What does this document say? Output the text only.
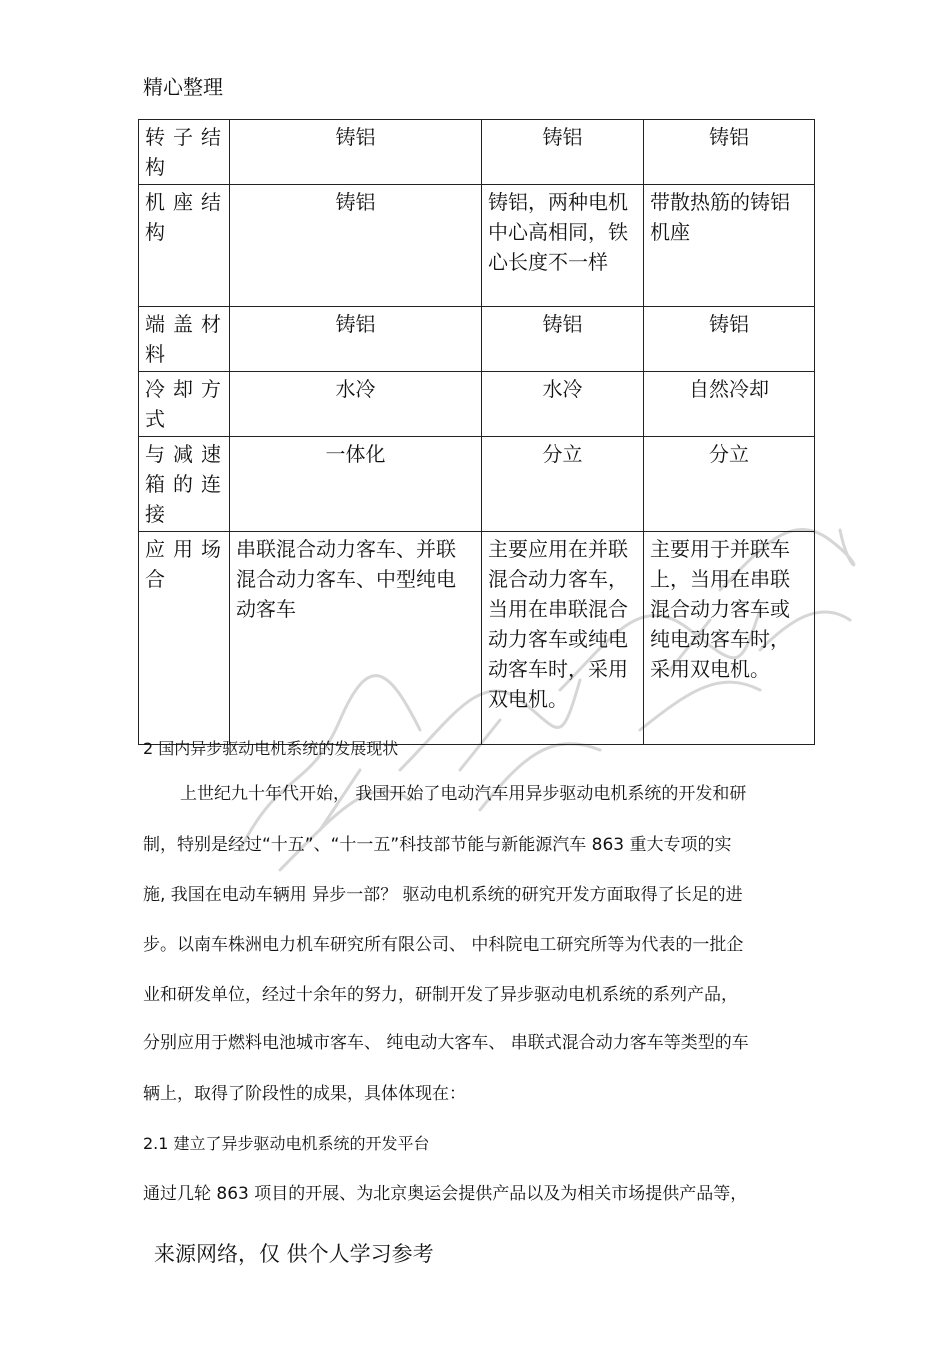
精心整理
转子结构	铸铝	铸铝	铸铝
机座结构	铸铝	铸铝，两种电机中心高相同，铁心长度不一样	带散热筋的铸铝机座
端盖材料	铸铝	铸铝	铸铝
冷却方式	水冷	水冷	自然冷却
与减速箱的连接	一体化	分立	分立
应用场合	串联混合动力客车、并联混合动力客车、中型纯电动客车	主要应用在并联混合动力客车，当用在串联混合动力客车或纯电动客车时，采用双电机。	主要用于并联车上，当用在串联混合动力客车或纯电动客车时，采用双电机。
2 国内异步驱动电机系统的发展现状
上世纪九十年代开始， 我国开始了电动汽车用异步驱动电机系统的开发和研
制，特别是经过“十五”、“十一五”科技部节能与新能源汽车 863 重大专项的实
施, 我国在电动车辆用 异步一部？ 驱动电机系统的研究开发方面取得了长足的进
步。以南车株洲电力机车研究所有限公司、 中科院电工研究所等为代表的一批企
业和研发单位，经过十余年的努力，研制开发了异步驱动电机系统的系列产品，
分别应用于燃料电池城市客车、 纯电动大客车、 串联式混合动力客车等类型的车
辆上，取得了阶段性的成果，具体体现在：
2.1 建立了异步驱动电机系统的开发平台
通过几轮 863 项目的开展、为北京奥运会提供产品以及为相关市场提供产品等，
来源网络，仅 供个人学习参考
